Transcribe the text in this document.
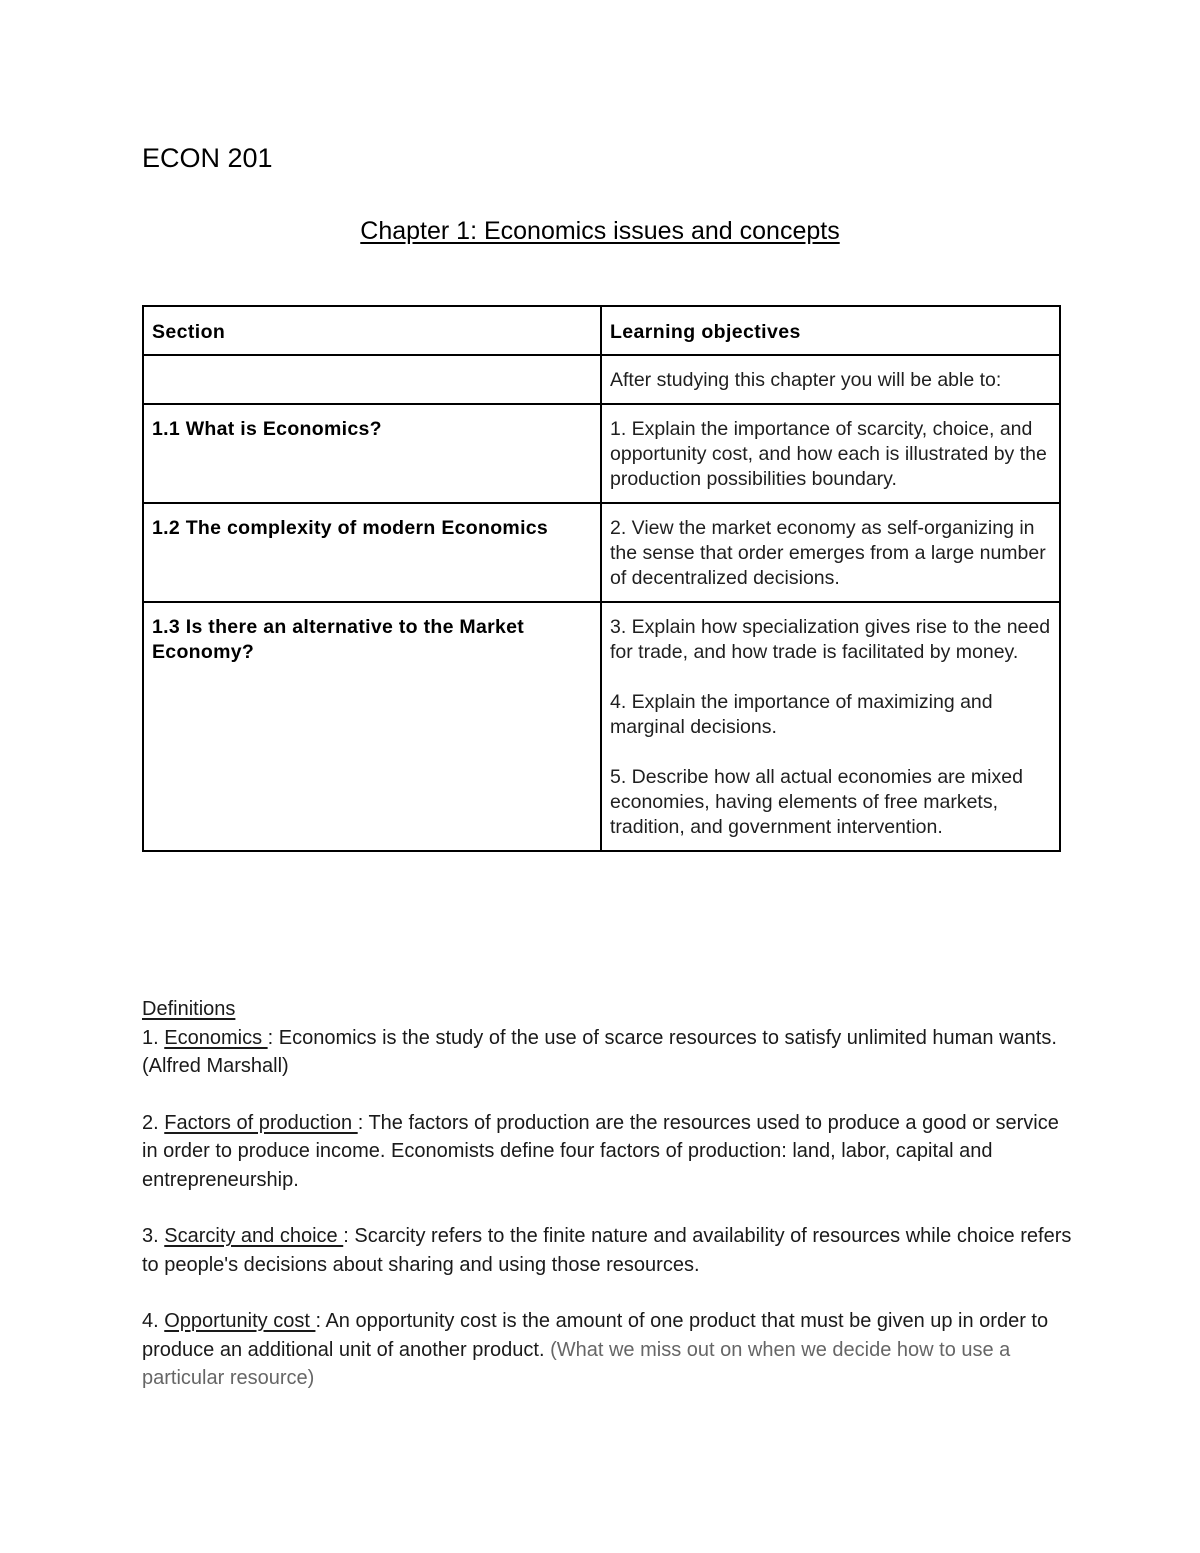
ECON 201
Chapter 1: Economics issues and concepts
Section	Learning objectives
	After studying this chapter you will be able to:
1.1 What is Economics?	1. Explain the importance of scarcity, choice, and opportunity cost, and how each is illustrated by the production possibilities boundary.

1.2 The complexity of modern Economics	2. View the market economy as self-organizing in the sense that order emerges from a large number of decentralized decisions.

1.3 Is there an alternative to the Market Economy?	3. Explain how specialization gives rise to the need for trade, and how trade is facilitated by money.

4. Explain the importance of maximizing and marginal decisions.

5. Describe how all actual economies are mixed economies, having elements of free markets, tradition, and government intervention.

Definitions

1. Economics : Economics is the study of the use of scarce resources to satisfy unlimited human wants. (Alfred Marshall)

2. Factors of production : The factors of production are the resources used to produce a good or service in order to produce income. Economists define four factors of production: land, labor, capital and entrepreneurship.

3. Scarcity and choice : Scarcity refers to the finite nature and availability of resources while choice refers to people's decisions about sharing and using those resources.

4. Opportunity cost : An opportunity cost is the amount of one product that must be given up in order to produce an additional unit of another product. (What we miss out on when we decide how to use a particular resource)
